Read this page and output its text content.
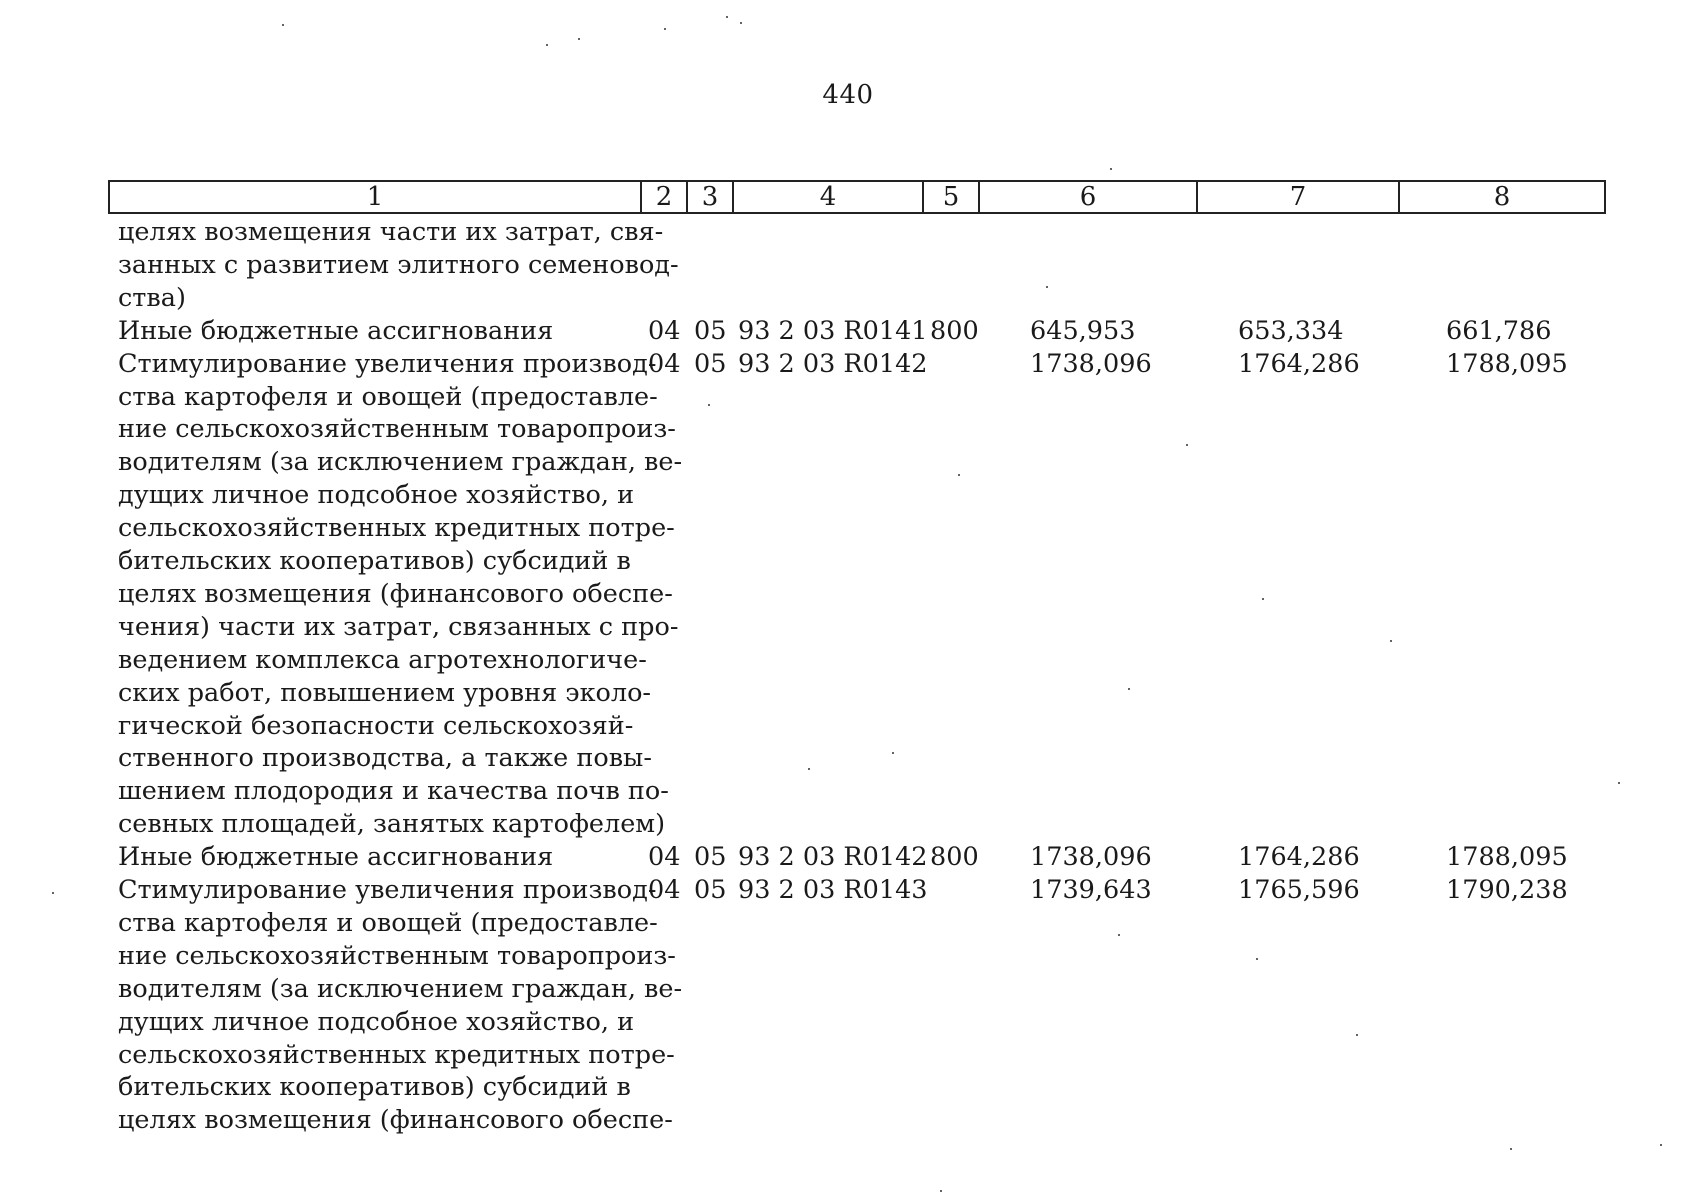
440
1	2	3	4	5	6	7	8
целях возмещения части их затрат, свя-
занных с развитием элитного семеновод-
ства)
Иные бюджетные ассигнования	04 05 93 2 03 R0141 800 645,953	653,334	661,786
Стимулирование увеличения производ-
ства картофеля и овощей (предоставле-
ние сельскохозяйственным товаропроиз-
водителям (за исключением граждан, ве-
дущих личное подсобное хозяйство, и
сельскохозяйственных кредитных потре-
бительских кооперативов) субсидий в
целях возмещения (финансового обеспе-
чения) части их затрат, связанных с про-
ведением комплекса агротехнологиче-
ских работ, повышением уровня эколо-
гической безопасности сельскохозяй-
ственного производства, а также повы-
шением плодородия и качества почв по-
севных площадей, занятых картофелем)
04 05 93 2 03 R0142	1738,096	1764,286	1788,095
Иные бюджетные ассигнования	04 05 93 2 03 R0142 800 1738,096	1764,286	1788,095
Стимулирование увеличения производ-
ства картофеля и овощей (предоставле-
ние сельскохозяйственным товаропроиз-
водителям (за исключением граждан, ве-
дущих личное подсобное хозяйство, и
сельскохозяйственных кредитных потре-
бительских кооперативов) субсидий в
целях возмещения (финансового обеспе-
04 05 93 2 03 R0143	1739,643	1765,596	1790,238
